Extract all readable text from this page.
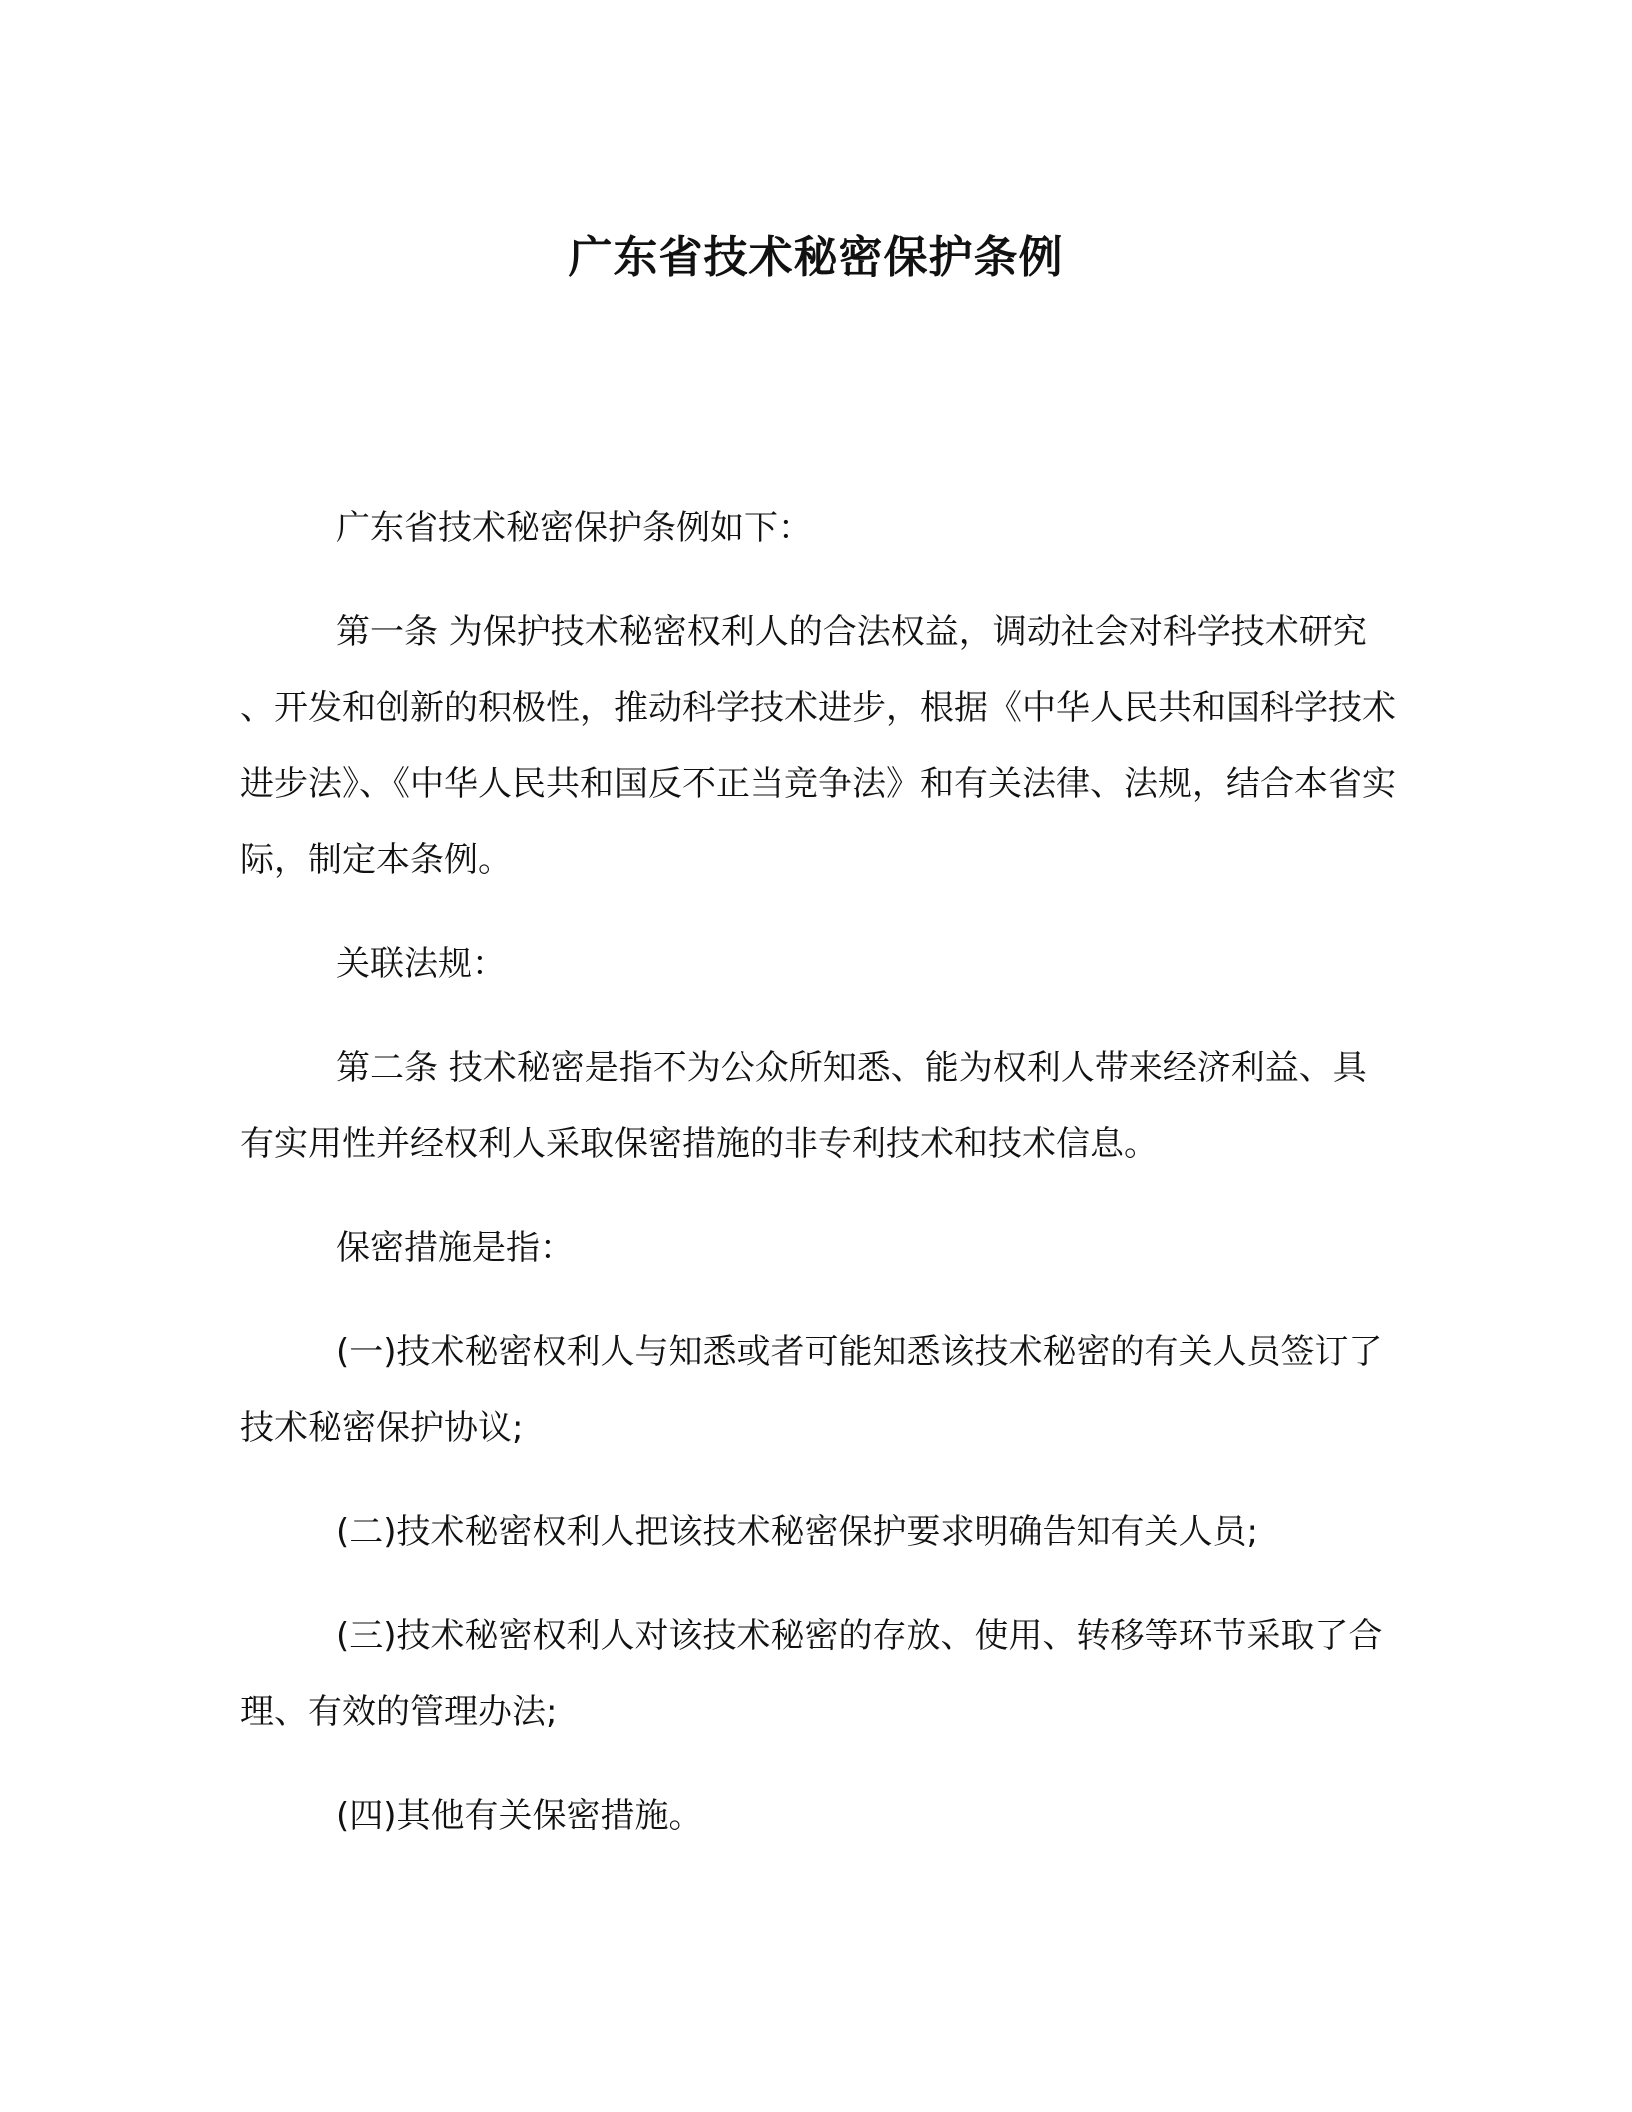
广东省技术秘密保护条例

广东省技术秘密保护条例如下：

第一条 为保护技术秘密权利人的合法权益，调动社会对科学技术研究、开发和创新的积极性，推动科学技术进步，根据《中华人民共和国科学技术进步法》、《中华人民共和国反不正当竞争法》和有关法律、法规，结合本省实际，制定本条例。

关联法规：

第二条 技术秘密是指不为公众所知悉、能为权利人带来经济利益、具有实用性并经权利人采取保密措施的非专利技术和技术信息。

保密措施是指：

(一)技术秘密权利人与知悉或者可能知悉该技术秘密的有关人员签订了技术秘密保护协议;

(二)技术秘密权利人把该技术秘密保护要求明确告知有关人员;

(三)技术秘密权利人对该技术秘密的存放、使用、转移等环节采取了合理、有效的管理办法;

(四)其他有关保密措施。
